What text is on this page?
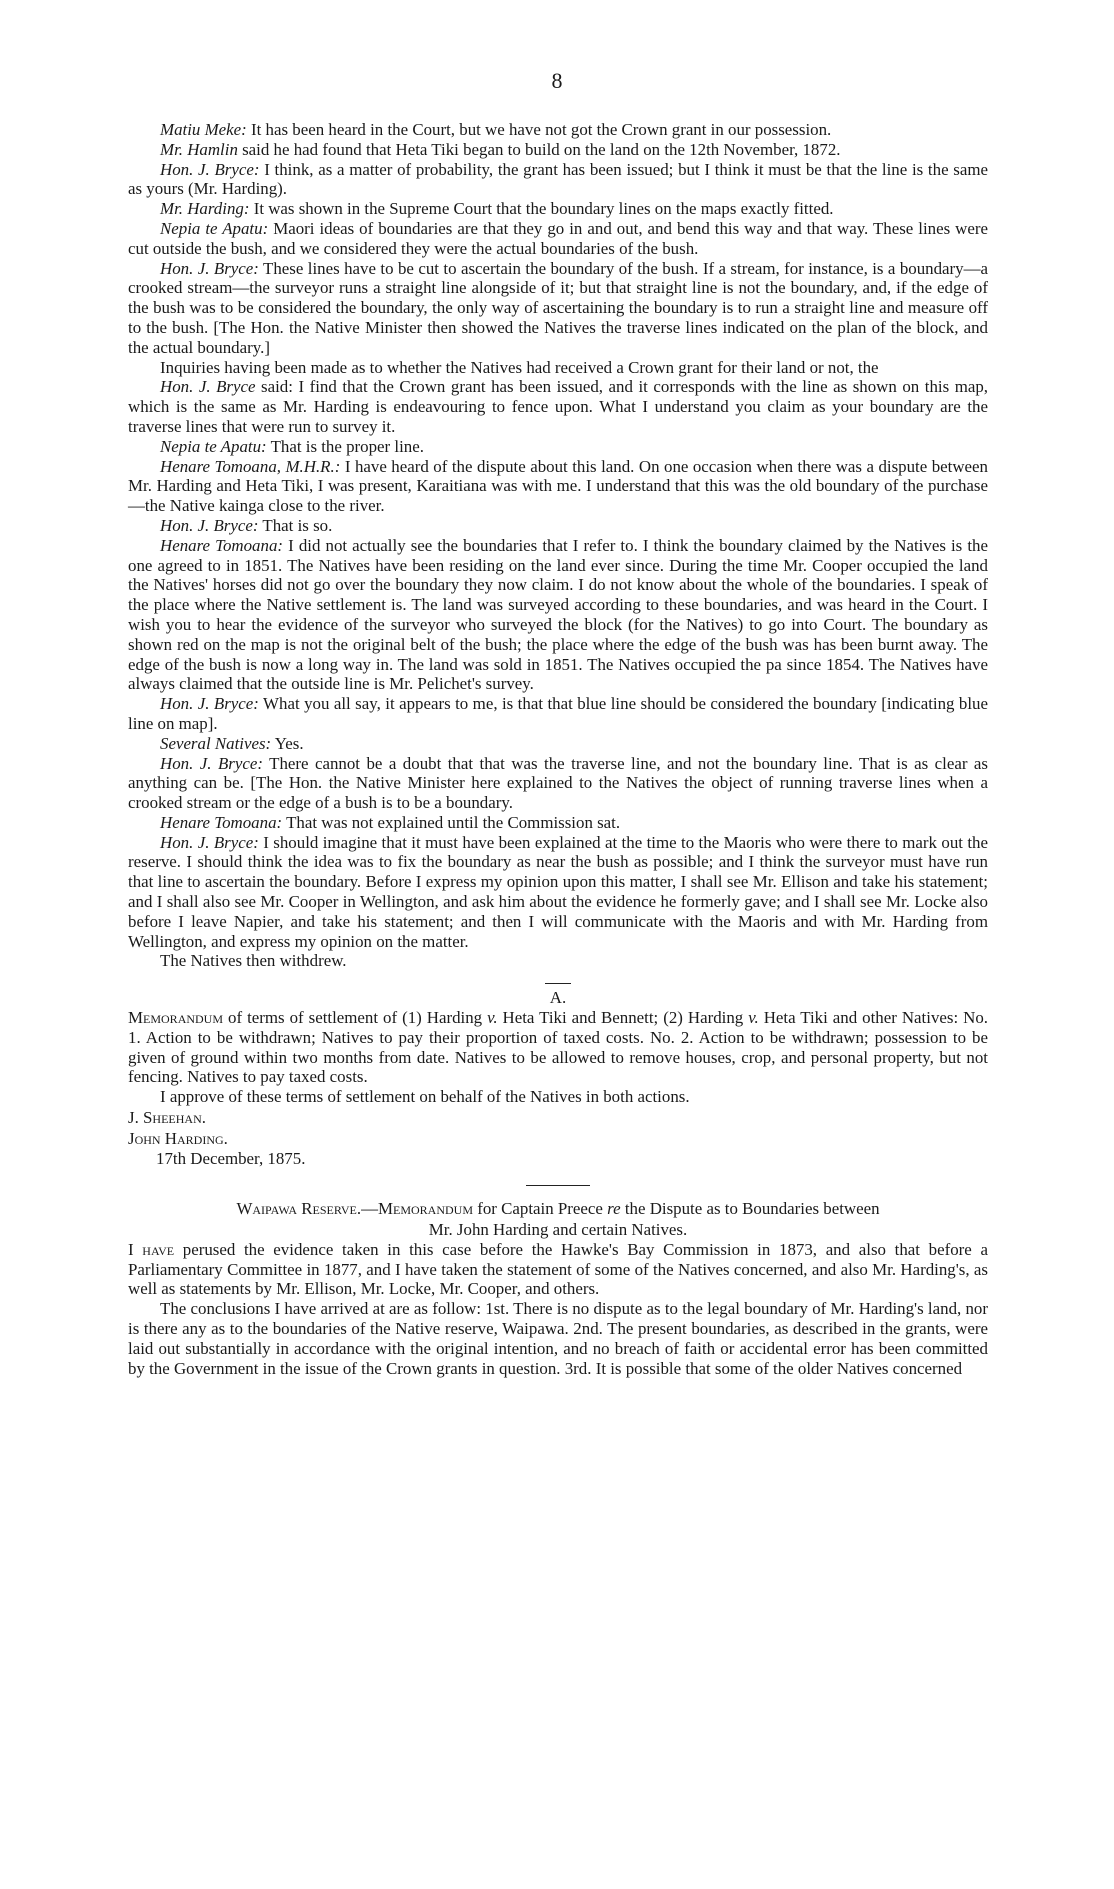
8

Matiu Meke: It has been heard in the Court, but we have not got the Crown grant in our possession.

Mr. Hamlin said he had found that Heta Tiki began to build on the land on the 12th November, 1872.

Hon. J. Bryce: I think, as a matter of probability, the grant has been issued; but I think it must be that the line is the same as yours (Mr. Harding).

Mr. Harding: It was shown in the Supreme Court that the boundary lines on the maps exactly fitted.

Nepia te Apatu: Maori ideas of boundaries are that they go in and out, and bend this way and that way. These lines were cut outside the bush, and we considered they were the actual boundaries of the bush.

Hon. J. Bryce: These lines have to be cut to ascertain the boundary of the bush. If a stream, for instance, is a boundary—a crooked stream—the surveyor runs a straight line alongside of it; but that straight line is not the boundary, and, if the edge of the bush was to be considered the boundary, the only way of ascertaining the boundary is to run a straight line and measure off to the bush. [The Hon. the Native Minister then showed the Natives the traverse lines indicated on the plan of the block, and the actual boundary.]

Inquiries having been made as to whether the Natives had received a Crown grant for their land or not, the

Hon. J. Bryce said: I find that the Crown grant has been issued, and it corresponds with the line as shown on this map, which is the same as Mr. Harding is endeavouring to fence upon. What I understand you claim as your boundary are the traverse lines that were run to survey it.

Nepia te Apatu: That is the proper line.

Henare Tomoana, M.H.R.: I have heard of the dispute about this land. On one occasion when there was a dispute between Mr. Harding and Heta Tiki, I was present, Karaitiana was with me. I understand that this was the old boundary of the purchase—the Native kainga close to the river.

Hon. J. Bryce: That is so.

Henare Tomoana: I did not actually see the boundaries that I refer to. I think the boundary claimed by the Natives is the one agreed to in 1851. The Natives have been residing on the land ever since. During the time Mr. Cooper occupied the land the Natives' horses did not go over the boundary they now claim. I do not know about the whole of the boundaries. I speak of the place where the Native settlement is. The land was surveyed according to these boundaries, and was heard in the Court. I wish you to hear the evidence of the surveyor who surveyed the block (for the Natives) to go into Court. The boundary as shown red on the map is not the original belt of the bush; the place where the edge of the bush was has been burnt away. The edge of the bush is now a long way in. The land was sold in 1851. The Natives occupied the pa since 1854. The Natives have always claimed that the outside line is Mr. Pelichet's survey.

Hon. J. Bryce: What you all say, it appears to me, is that that blue line should be considered the boundary [indicating blue line on map].

Several Natives: Yes.

Hon. J. Bryce: There cannot be a doubt that that was the traverse line, and not the boundary line. That is as clear as anything can be. [The Hon. the Native Minister here explained to the Natives the object of running traverse lines when a crooked stream or the edge of a bush is to be a boundary.

Henare Tomoana: That was not explained until the Commission sat.

Hon. J. Bryce: I should imagine that it must have been explained at the time to the Maoris who were there to mark out the reserve. I should think the idea was to fix the boundary as near the bush as possible; and I think the surveyor must have run that line to ascertain the boundary. Before I express my opinion upon this matter, I shall see Mr. Ellison and take his statement; and I shall also see Mr. Cooper in Wellington, and ask him about the evidence he formerly gave; and I shall see Mr. Locke also before I leave Napier, and take his statement; and then I will communicate with the Maoris and with Mr. Harding from Wellington, and express my opinion on the matter.

The Natives then withdrew.

A.

Memorandum of terms of settlement of (1) Harding v. Heta Tiki and Bennett; (2) Harding v. Heta Tiki and other Natives: No. 1. Action to be withdrawn; Natives to pay their proportion of taxed costs. No. 2. Action to be withdrawn; possession to be given of ground within two months from date. Natives to be allowed to remove houses, crop, and personal property, but not fencing. Natives to pay taxed costs.

I approve of these terms of settlement on behalf of the Natives in both actions.

J. Sheehan.

John Harding.

17th December, 1875.

Waipawa Reserve.—Memorandum for Captain Preece re the Dispute as to Boundaries between
Mr. John Harding and certain Natives.

I have perused the evidence taken in this case before the Hawke's Bay Commission in 1873, and also that before a Parliamentary Committee in 1877, and I have taken the statement of some of the Natives concerned, and also Mr. Harding's, as well as statements by Mr. Ellison, Mr. Locke, Mr. Cooper, and others.

The conclusions I have arrived at are as follow: 1st. There is no dispute as to the legal boundary of Mr. Harding's land, nor is there any as to the boundaries of the Native reserve, Waipawa. 2nd. The present boundaries, as described in the grants, were laid out substantially in accordance with the original intention, and no breach of faith or accidental error has been committed by the Government in the issue of the Crown grants in question. 3rd. It is possible that some of the older Natives concerned
